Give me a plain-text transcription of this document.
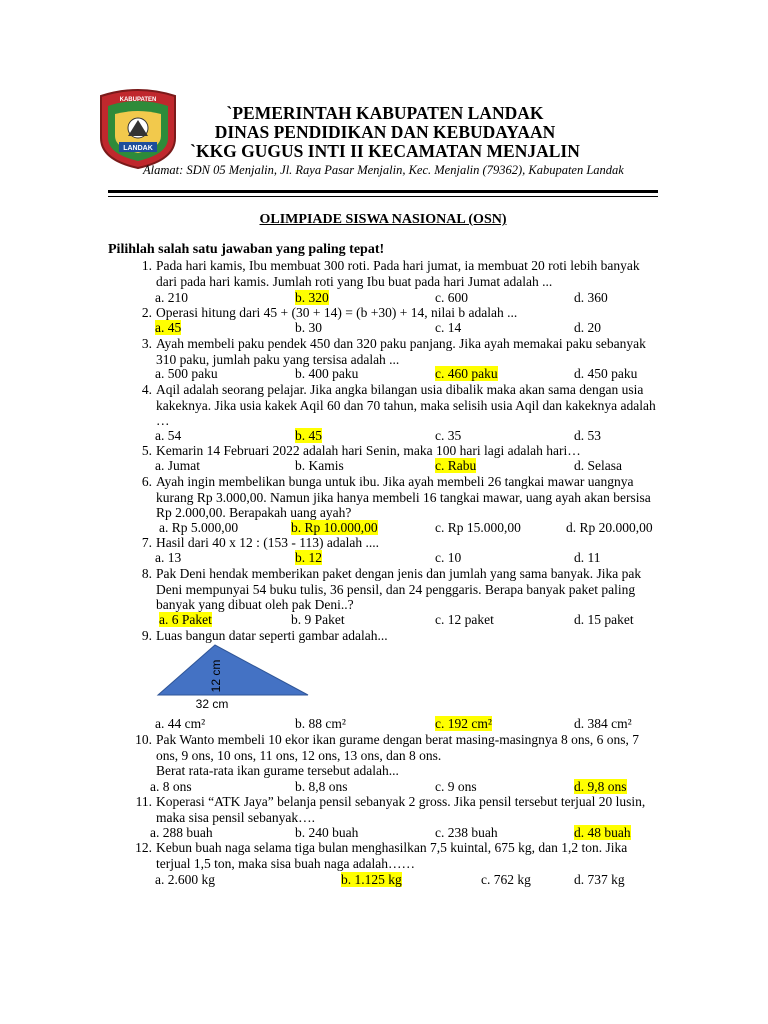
KABUPATEN
LANDAK
`PEMERINTAH KABUPATEN LANDAK
DINAS PENDIDIKAN DAN KEBUDAYAAN
`KKG GUGUS INTI II KECAMATAN MENJALIN
Alamat: SDN 05 Menjalin, Jl. Raya Pasar Menjalin, Kec. Menjalin (79362), Kabupaten Landak
OLIMPIADE SISWA NASIONAL (OSN)
Pilihlah salah satu jawaban yang paling tepat!
1. Pada hari kamis, Ibu membuat 300 roti. Pada hari jumat, ia membuat 20 roti lebih banyak dari pada hari kamis. Jumlah roti yang Ibu buat pada hari Jumat adalah ...
a. 210	b. 320	c. 600	d. 360
2. Operasi hitung dari 45 + (30 + 14) = (b +30) + 14, nilai b adalah ...
a. 45	b. 30	c. 14	d. 20
3. Ayah membeli paku pendek 450 dan 320 paku panjang. Jika ayah memakai paku sebanyak 310 paku, jumlah paku yang tersisa adalah ...
a. 500 paku	b. 400 paku	c. 460 paku	d. 450 paku
4. Aqil adalah seorang pelajar. Jika angka bilangan usia dibalik maka akan sama dengan usia kakeknya. Jika usia kakek Aqil 60 dan 70 tahun, maka selisih usia Aqil dan kakeknya adalah …
a. 54	b. 45	c. 35	d. 53
5. Kemarin 14 Februari 2022 adalah hari Senin, maka 100 hari lagi adalah hari…
a. Jumat	b. Kamis	c. Rabu	d. Selasa
6. Ayah ingin membelikan bunga untuk ibu. Jika ayah membeli 26 tangkai mawar uangnya kurang Rp 3.000,00. Namun jika hanya membeli 16 tangkai mawar, uang ayah akan bersisa Rp 2.000,00. Berapakah uang ayah?
a. Rp 5.000,00	b. Rp 10.000,00	c. Rp 15.000,00	d. Rp 20.000,00
7. Hasil dari 40 x 12 : (153 - 113) adalah ....
a. 13	b. 12	c. 10	d. 11
8. Pak Deni hendak memberikan paket dengan jenis dan jumlah yang sama banyak. Jika pak Deni mempunyai 54 buku tulis, 36 pensil, dan 24 penggaris. Berapa banyak paket paling banyak yang dibuat oleh pak Deni..?
a. 6 Paket	b. 9 Paket	c. 12 paket	d. 15 paket
9. Luas bangun datar seperti gambar adalah...
a. 44 cm²	b. 88 cm²	c. 192 cm²	d. 384 cm²
10. Pak Wanto membeli 10 ekor ikan gurame dengan berat masing-masingnya 8 ons, 6 ons, 7 ons, 9 ons, 10 ons, 11 ons, 12 ons, 13 ons, dan 8 ons.
Berat rata-rata ikan gurame tersebut adalah...
a. 8 ons	b. 8,8 ons	c. 9 ons	d. 9,8 ons
11. Koperasi “ATK Jaya” belanja pensil sebanyak 2 gross. Jika pensil tersebut terjual 20 lusin, maka sisa pensil sebanyak….
a. 288 buah	b. 240 buah	c. 238 buah	d. 48 buah
12. Kebun buah naga selama tiga bulan menghasilkan 7,5 kuintal, 675 kg, dan 1,2 ton. Jika terjual 1,5 ton, maka sisa buah naga adalah……
a. 2.600 kg	b. 1.125 kg	c. 762 kg	d. 737 kg
12 cm
32 cm
